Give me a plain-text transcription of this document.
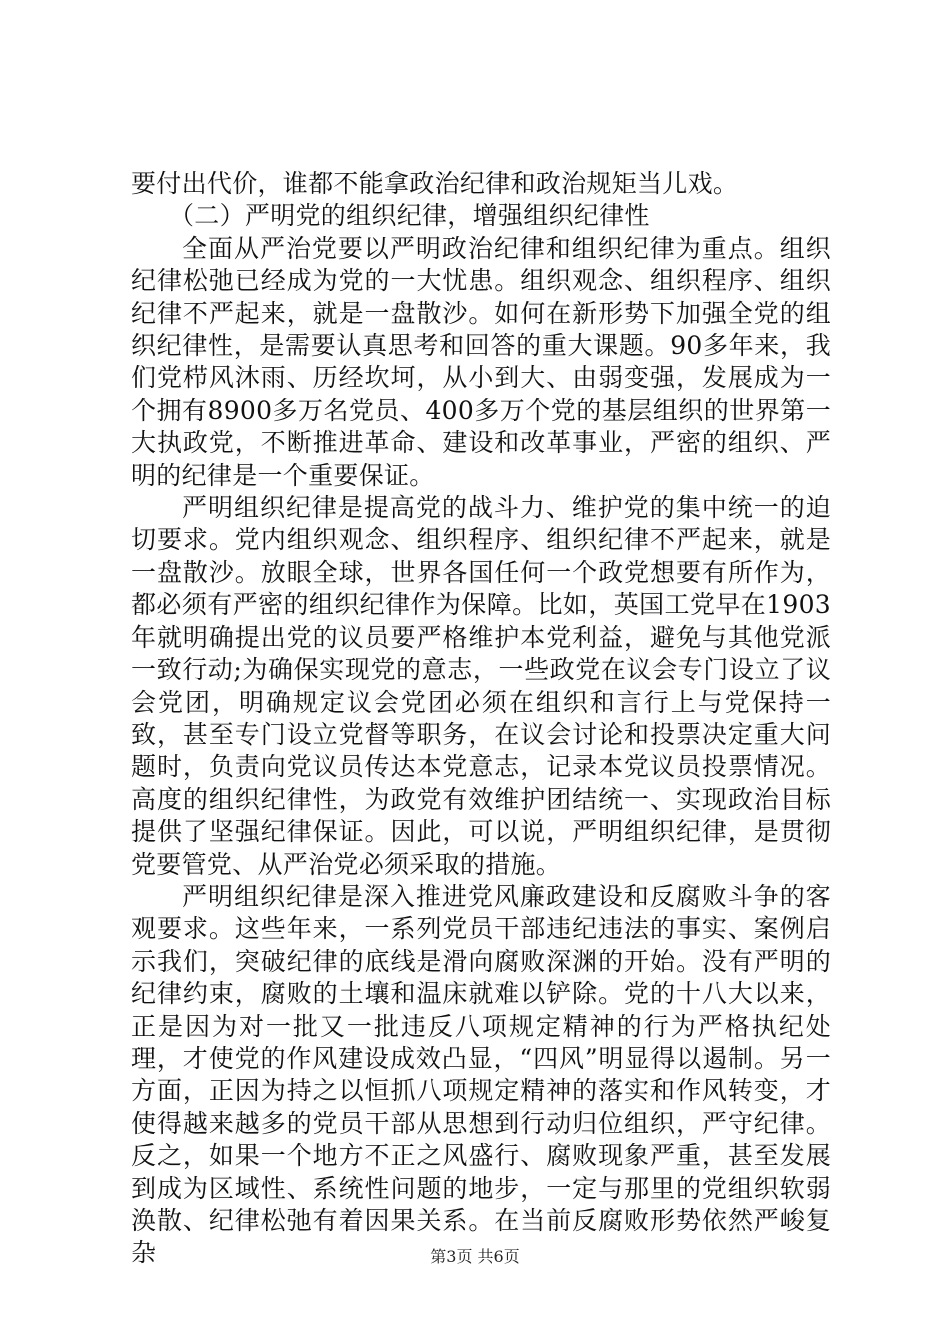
要付出代价，谁都不能拿政治纪律和政治规矩当儿戏。

（二）严明党的组织纪律，增强组织纪律性

全面从严治党要以严明政治纪律和组织纪律为重点。组织纪律松弛已经成为党的一大忧患。组织观念、组织程序、组织纪律不严起来，就是一盘散沙。如何在新形势下加强全党的组织纪律性，是需要认真思考和回答的重大课题。90多年来，我们党栉风沐雨、历经坎坷，从小到大、由弱变强，发展成为一个拥有8900多万名党员、400多万个党的基层组织的世界第一大执政党，不断推进革命、建设和改革事业，严密的组织、严明的纪律是一个重要保证。

严明组织纪律是提高党的战斗力、维护党的集中统一的迫切要求。党内组织观念、组织程序、组织纪律不严起来，就是一盘散沙。放眼全球，世界各国任何一个政党想要有所作为，都必须有严密的组织纪律作为保障。比如，英国工党早在1903年就明确提出党的议员要严格维护本党利益，避免与其他党派一致行动;为确保实现党的意志，一些政党在议会专门设立了议会党团，明确规定议会党团必须在组织和言行上与党保持一致，甚至专门设立党督等职务，在议会讨论和投票决定重大问题时，负责向党议员传达本党意志，记录本党议员投票情况。高度的组织纪律性，为政党有效维护团结统一、实现政治目标提供了坚强纪律保证。因此，可以说，严明组织纪律，是贯彻党要管党、从严治党必须采取的措施。

严明组织纪律是深入推进党风廉政建设和反腐败斗争的客观要求。这些年来，一系列党员干部违纪违法的事实、案例启示我们，突破纪律的底线是滑向腐败深渊的开始。没有严明的纪律约束，腐败的土壤和温床就难以铲除。党的十八大以来，正是因为对一批又一批违反八项规定精神的行为严格执纪处理，才使党的作风建设成效凸显，“四风”明显得以遏制。另一方面，正因为持之以恒抓八项规定精神的落实和作风转变，才使得越来越多的党员干部从思想到行动归位组织，严守纪律。反之，如果一个地方不正之风盛行、腐败现象严重，甚至发展到成为区域性、系统性问题的地步，一定与那里的党组织软弱涣散、纪律松弛有着因果关系。在当前反腐败形势依然严峻复杂	第3页 共6页
